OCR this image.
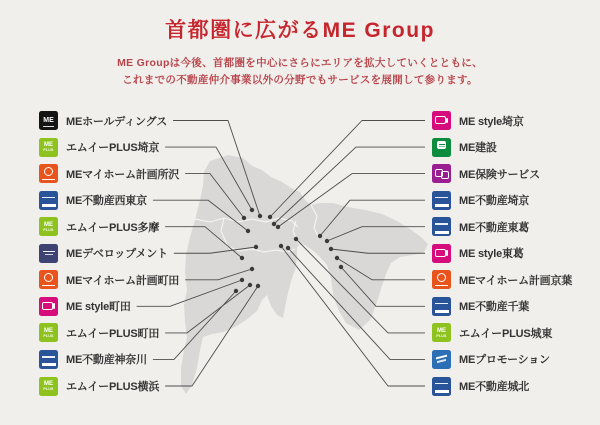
首都圏に広がるME Group

ME Groupは今後、首都圏を中心にさらにエリアを拡大していくとともに、

これまでの不動産仲介事業以外の分野でもサービスを展開して参ります。

ME MEホールディングス
ME
PLUS エムイーPLUS埼京
MEマイホーム計画所沢
ME不動産西東京
ME
PLUS エムイーPLUS多摩
MEデベロップメント
MEマイホーム計画町田
ME style町田
ME
PLUS エムイーPLUS町田
ME不動産神奈川
ME
PLUS エムイーPLUS横浜
ME style埼京
ME建設
ME保険サービス
ME不動産埼京
ME不動産東葛
ME style東葛
MEマイホーム計画京葉
ME不動産千葉
ME
PLUS エムイーPLUS城東
MEプロモーション
ME不動産城北
